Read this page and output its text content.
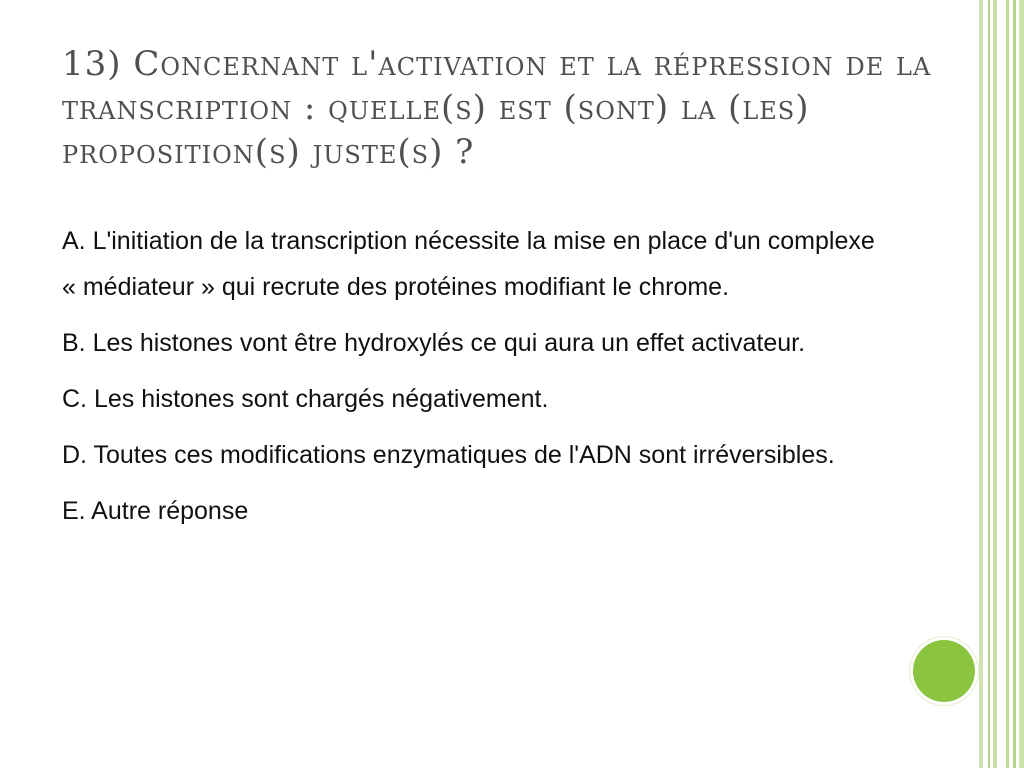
13) Concernant l'activation et la répression de la transcription : quelle(s) est (sont) la (les) proposition(s) juste(s) ?

A. L'initiation de la transcription nécessite la mise en place d'un complexe « médiateur » qui recrute des protéines modifiant le chrome.

B. Les histones vont être hydroxylés ce qui aura un effet activateur.

C. Les histones sont chargés négativement.

D. Toutes ces modifications enzymatiques de l'ADN sont irréversibles.

E. Autre réponse
